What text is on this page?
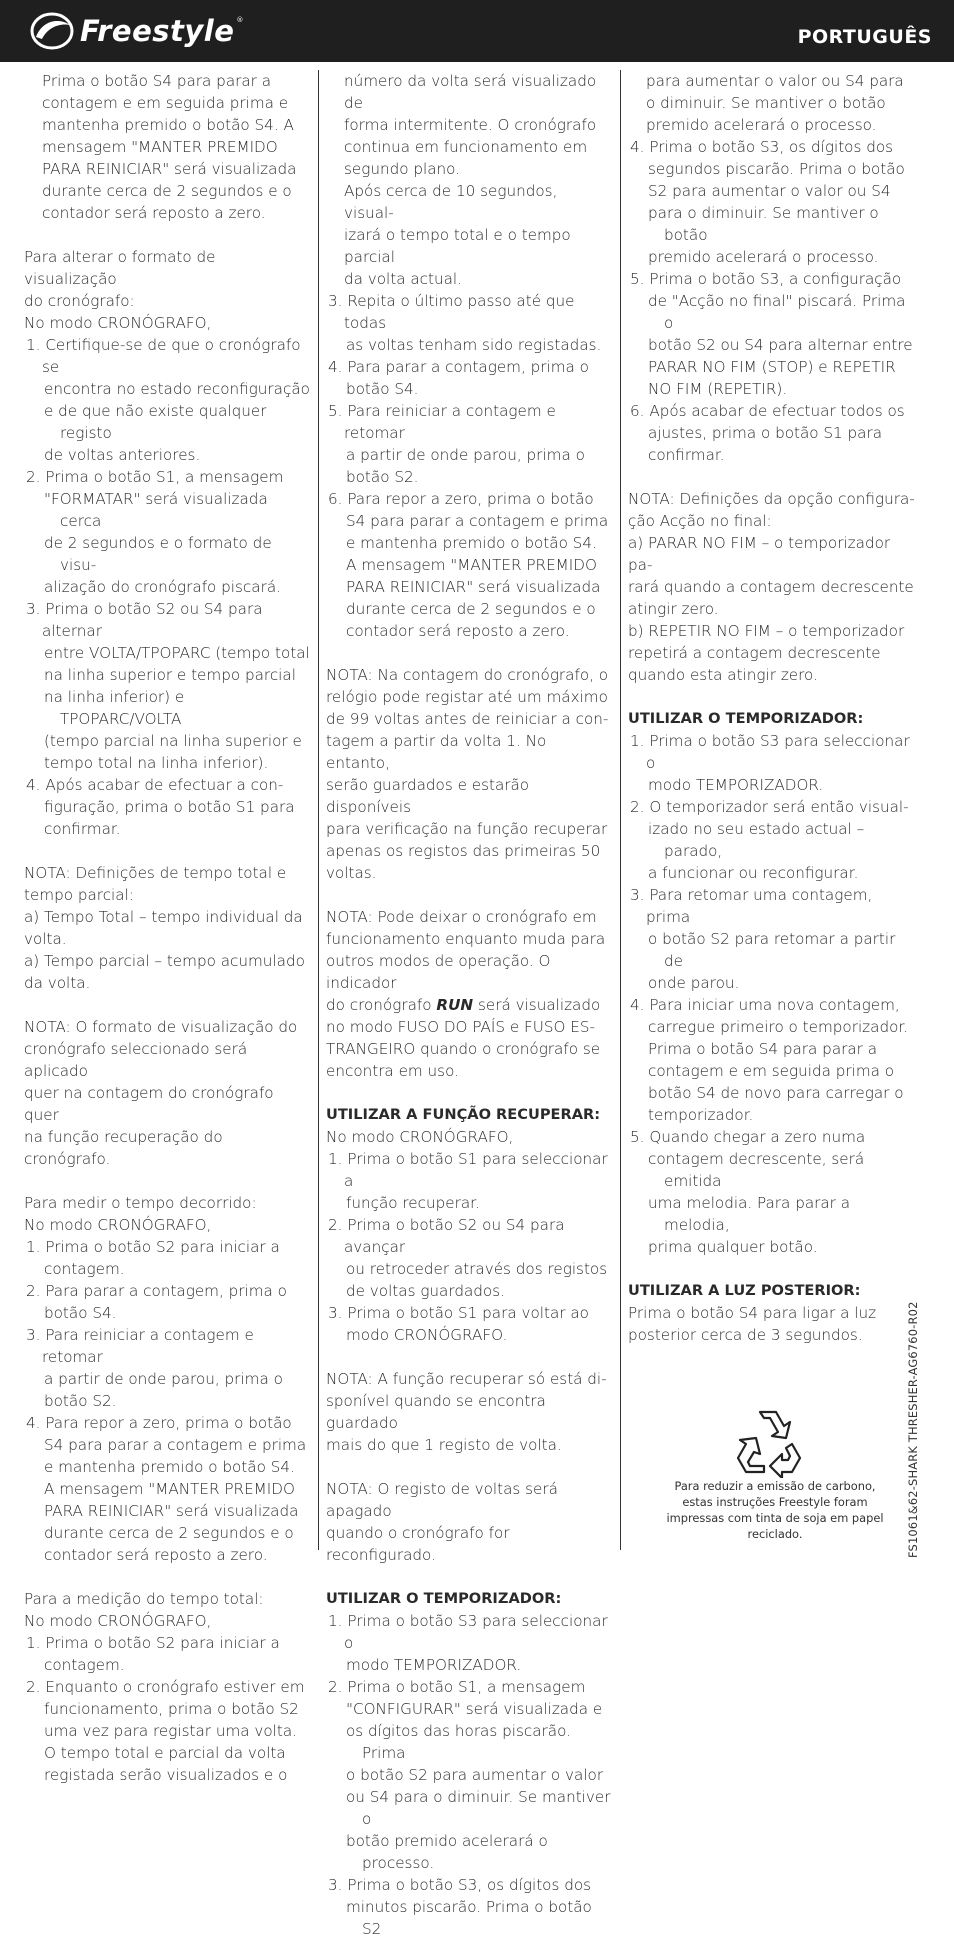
Freestyle ®
PORTUGUÊS

Prima o botão S4 para parar a

contagem e em seguida prima e

mantenha premido o botão S4. A

mensagem "MANTER PREMIDO

PARA REINICIAR" será visualizada

durante cerca de 2 segundos e o

contador será reposto a zero.

Para alterar o formato de visualização

do cronógrafo:

No modo CRONÓGRAFO,

1. Certifique-se de que o cronógrafo se

encontra no estado reconfiguração

e de que não existe qualquer registo

de voltas anteriores.

2. Prima o botão S1, a mensagem

"FORMATAR" será visualizada cerca

de 2 segundos e o formato de visu-

alização do cronógrafo piscará.

3. Prima o botão S2 ou S4 para alternar

entre VOLTA/TPOPARC (tempo total

na linha superior e tempo parcial

na linha inferior) e TPOPARC/VOLTA

(tempo parcial na linha superior e

tempo total na linha inferior).

4. Após acabar de efectuar a con-

figuração, prima o botão S1 para

confirmar.

NOTA: Definições de tempo total e

tempo parcial:

a) Tempo Total – tempo individual da

volta.

a) Tempo parcial – tempo acumulado

da volta.

NOTA: O formato de visualização do

cronógrafo seleccionado será aplicado

quer na contagem do cronógrafo quer

na função recuperação do cronógrafo.

Para medir o tempo decorrido:

No modo CRONÓGRAFO,

1. Prima o botão S2 para iniciar a

contagem.

2. Para parar a contagem, prima o

botão S4.

3. Para reiniciar a contagem e retomar

a partir de onde parou, prima o

botão S2.

4. Para repor a zero, prima o botão

S4 para parar a contagem e prima

e mantenha premido o botão S4.

A mensagem "MANTER PREMIDO

PARA REINICIAR" será visualizada

durante cerca de 2 segundos e o

contador será reposto a zero.

Para a medição do tempo total:

No modo CRONÓGRAFO,

1. Prima o botão S2 para iniciar a

contagem.

2. Enquanto o cronógrafo estiver em

funcionamento, prima o botão S2

uma vez para registar uma volta.

O tempo total e parcial da volta

registada serão visualizados e o

número da volta será visualizado de

forma intermitente. O cronógrafo

continua em funcionamento em

segundo plano.

Após cerca de 10 segundos, visual-

izará o tempo total e o tempo parcial

da volta actual.

3. Repita o último passo até que todas

as voltas tenham sido registadas.

4. Para parar a contagem, prima o

botão S4.

5. Para reiniciar a contagem e retomar

a partir de onde parou, prima o

botão S2.

6. Para repor a zero, prima o botão

S4 para parar a contagem e prima

e mantenha premido o botão S4.

A mensagem "MANTER PREMIDO

PARA REINICIAR" será visualizada

durante cerca de 2 segundos e o

contador será reposto a zero.

NOTA: Na contagem do cronógrafo, o

relógio pode registar até um máximo

de 99 voltas antes de reiniciar a con-

tagem a partir da volta 1. No entanto,

serão guardados e estarão disponíveis

para verificação na função recuperar

apenas os registos das primeiras 50

voltas.

NOTA: Pode deixar o cronógrafo em

funcionamento enquanto muda para

outros modos de operação. O indicador

do cronógrafo RUN será visualizado

no modo FUSO DO PAÍS e FUSO ES-

TRANGEIRO quando o cronógrafo se

encontra em uso.

UTILIZAR A FUNÇÃO RECUPERAR:

No modo CRONÓGRAFO,

1. Prima o botão S1 para seleccionar a

função recuperar.

2. Prima o botão S2 ou S4 para avançar

ou retroceder através dos registos

de voltas guardados.

3. Prima o botão S1 para voltar ao

modo CRONÓGRAFO.

NOTA: A função recuperar só está di-

sponível quando se encontra guardado

mais do que 1 registo de volta.

NOTA: O registo de voltas será apagado

quando o cronógrafo for reconfigurado.

UTILIZAR O TEMPORIZADOR:

1. Prima o botão S3 para seleccionar o

modo TEMPORIZADOR.

2. Prima o botão S1, a mensagem

"CONFIGURAR" será visualizada e

os dígitos das horas piscarão. Prima

o botão S2 para aumentar o valor

ou S4 para o diminuir. Se mantiver o

botão premido acelerará o processo.

3. Prima o botão S3, os dígitos dos

minutos piscarão. Prima o botão S2

para aumentar o valor ou S4 para

o diminuir. Se mantiver o botão

premido acelerará o processo.

4. Prima o botão S3, os dígitos dos

segundos piscarão. Prima o botão

S2 para aumentar o valor ou S4

para o diminuir. Se mantiver o botão

premido acelerará o processo.

5. Prima o botão S3, a configuração

de "Acção no final" piscará. Prima o

botão S2 ou S4 para alternar entre

PARAR NO FIM (STOP) e REPETIR

NO FIM (REPETIR).

6. Após acabar de efectuar todos os

ajustes, prima o botão S1 para

confirmar.

NOTA: Definições da opção configura-

ção Acção no final:

a) PARAR NO FIM – o temporizador pa-

rará quando a contagem decrescente

atingir zero.

b) REPETIR NO FIM – o temporizador

repetirá a contagem decrescente

quando esta atingir zero.

UTILIZAR O TEMPORIZADOR:

1. Prima o botão S3 para seleccionar o

modo TEMPORIZADOR.

2. O temporizador será então visual-

izado no seu estado actual – parado,

a funcionar ou reconfigurar.

3. Para retomar uma contagem, prima

o botão S2 para retomar a partir de

onde parou.

4. Para iniciar uma nova contagem,

carregue primeiro o temporizador.

Prima o botão S4 para parar a

contagem e em seguida prima o

botão S4 de novo para carregar o

temporizador.

5. Quando chegar a zero numa

contagem decrescente, será emitida

uma melodia. Para parar a melodia,

prima qualquer botão.

UTILIZAR A LUZ POSTERIOR:

Prima o botão S4 para ligar a luz

posterior cerca de 3 segundos.

Para reduzir a emissão de carbono,

estas instruções Freestyle foram

impressas com tinta de soja em papel

reciclado.	FS1061&62-SHARK THRESHER-AG6760-R02
